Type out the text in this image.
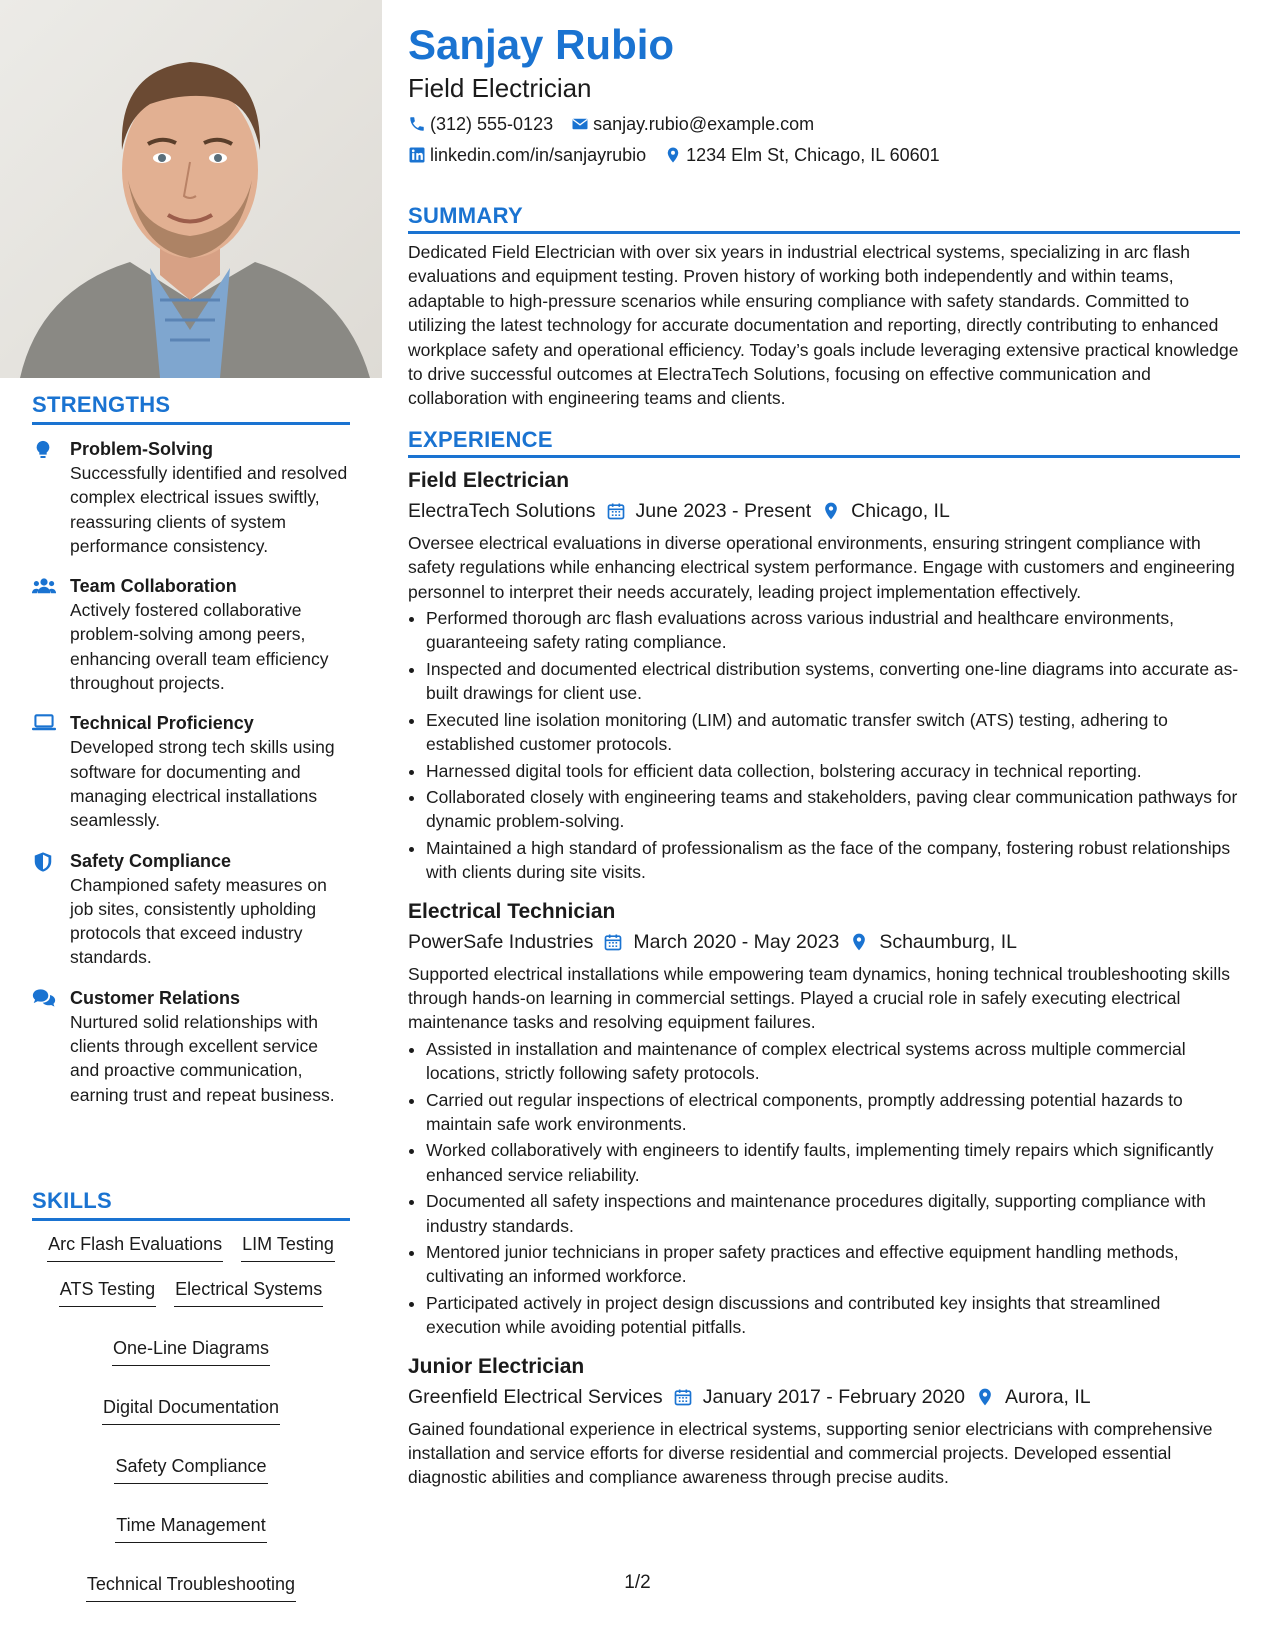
STRENGTHS
Problem-Solving
Successfully identified and resolved complex electrical issues swiftly, reassuring clients of system performance consistency.
Team Collaboration
Actively fostered collaborative problem-solving among peers, enhancing overall team efficiency throughout projects.
Technical Proficiency
Developed strong tech skills using software for documenting and managing electrical installations seamlessly.
Safety Compliance
Championed safety measures on job sites, consistently upholding protocols that exceed industry standards.
Customer Relations
Nurtured solid relationships with clients through excellent service and proactive communication, earning trust and repeat business.
SKILLS
Arc Flash Evaluations LIM Testing
ATS Testing Electrical Systems
One-Line Diagrams
Digital Documentation
Safety Compliance
Time Management
Technical Troubleshooting
Sanjay Rubio
Field Electrician
(312) 555-0123 sanjay.rubio@example.com
linkedin.com/in/sanjayrubio 1234 Elm St, Chicago, IL 60601
SUMMARY
Dedicated Field Electrician with over six years in industrial electrical systems, specializing in arc flash evaluations and equipment testing. Proven history of working both independently and within teams, adaptable to high-pressure scenarios while ensuring compliance with safety standards. Committed to utilizing the latest technology for accurate documentation and reporting, directly contributing to enhanced workplace safety and operational efficiency. Today’s goals include leveraging extensive practical knowledge to drive successful outcomes at ElectraTech Solutions, focusing on effective communication and collaboration with engineering teams and clients.
EXPERIENCE
Field Electrician
ElectraTech Solutions June 2023 - Present Chicago, IL
Oversee electrical evaluations in diverse operational environments, ensuring stringent compliance with safety regulations while enhancing electrical system performance. Engage with customers and engineering personnel to interpret their needs accurately, leading project implementation effectively.
• Performed thorough arc flash evaluations across various industrial and healthcare environments, guaranteeing safety rating compliance.
• Inspected and documented electrical distribution systems, converting one-line diagrams into accurate as-built drawings for client use.
• Executed line isolation monitoring (LIM) and automatic transfer switch (ATS) testing, adhering to established customer protocols.
• Harnessed digital tools for efficient data collection, bolstering accuracy in technical reporting.
• Collaborated closely with engineering teams and stakeholders, paving clear communication pathways for dynamic problem-solving.
• Maintained a high standard of professionalism as the face of the company, fostering robust relationships with clients during site visits.
Electrical Technician
PowerSafe Industries March 2020 - May 2023 Schaumburg, IL
Supported electrical installations while empowering team dynamics, honing technical troubleshooting skills through hands-on learning in commercial settings. Played a crucial role in safely executing electrical maintenance tasks and resolving equipment failures.
• Assisted in installation and maintenance of complex electrical systems across multiple commercial locations, strictly following safety protocols.
• Carried out regular inspections of electrical components, promptly addressing potential hazards to maintain safe work environments.
• Worked collaboratively with engineers to identify faults, implementing timely repairs which significantly enhanced service reliability.
• Documented all safety inspections and maintenance procedures digitally, supporting compliance with industry standards.
• Mentored junior technicians in proper safety practices and effective equipment handling methods, cultivating an informed workforce.
• Participated actively in project design discussions and contributed key insights that streamlined execution while avoiding potential pitfalls.
Junior Electrician
Greenfield Electrical Services January 2017 - February 2020 Aurora, IL
Gained foundational experience in electrical systems, supporting senior electricians with comprehensive installation and service efforts for diverse residential and commercial projects. Developed essential diagnostic abilities and compliance awareness through precise audits.
1/2
